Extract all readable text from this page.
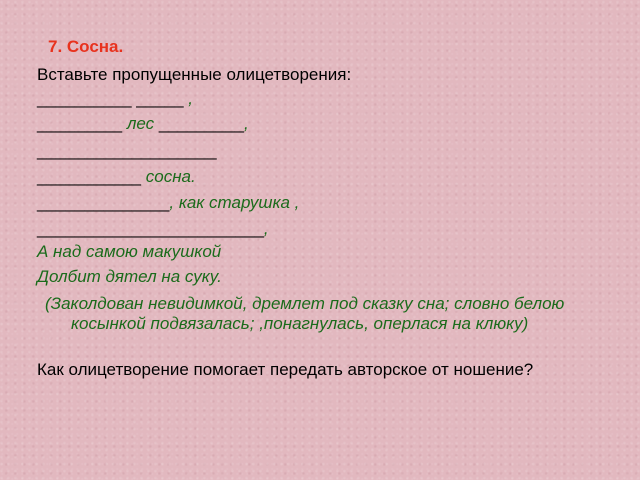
7. Сосна.
Вставьте пропущенные олицетворения:
__________ _____ ,
_________ лес _________,
___________________
___________ сосна.
______________, как старушка ,
________________________,
А над самою макушкой
Долбит дятел на суку.
(Заколдован невидимкой, дремлет под сказку сна; словно белою косынкой подвязалась; ,понагнулась, оперлася на клюку)
Как олицетворение помогает передать авторское от ношение?
